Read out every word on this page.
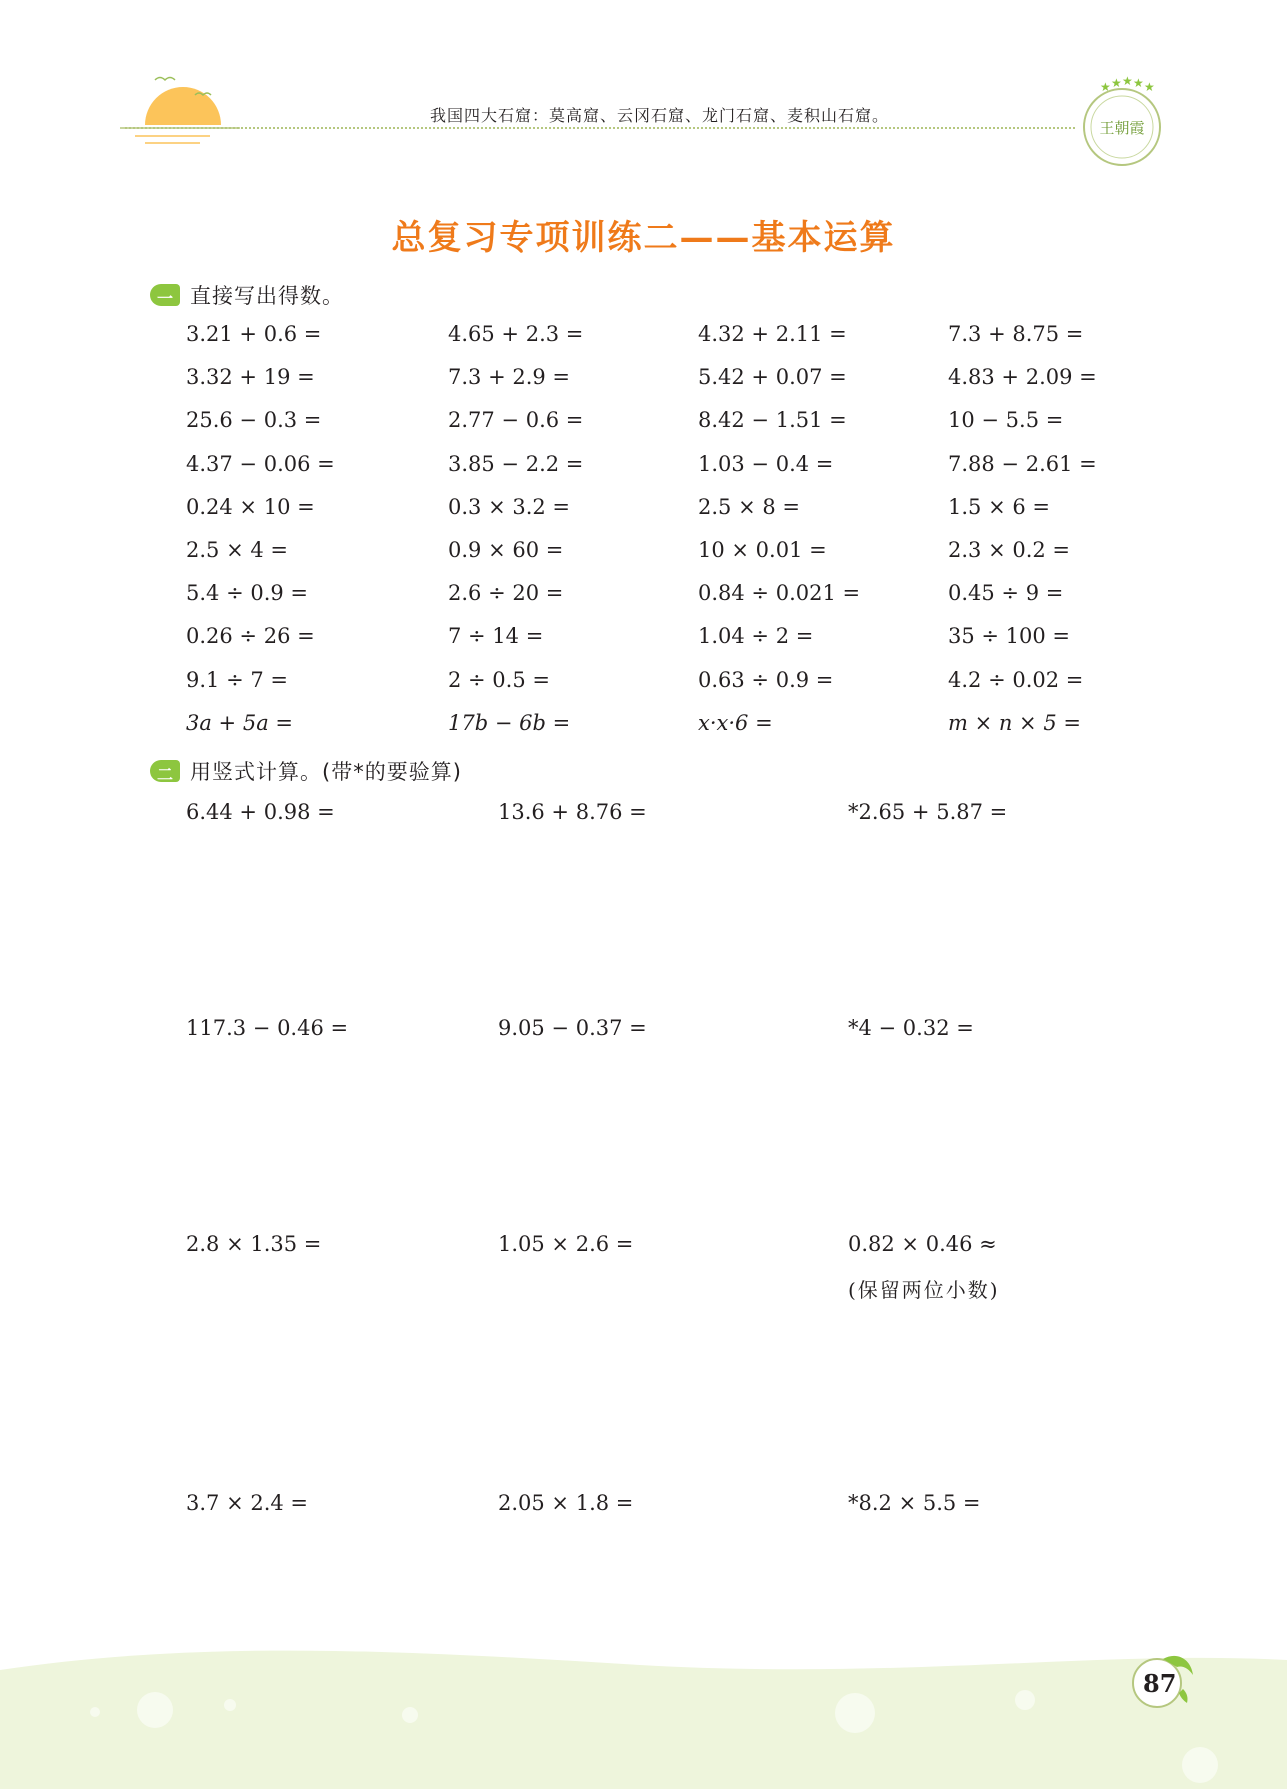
我国四大石窟：莫高窟、云冈石窟、龙门石窟、麦积山石窟。
★ ★ ★ ★ ★
王朝霞
总复习专项训练二——基本运算
一 直接写出得数。
3.21 + 0.6 =	4.65 + 2.3 =	4.32 + 2.11 =	7.3 + 8.75 =
3.32 + 19 =	7.3 + 2.9 =	5.42 + 0.07 =	4.83 + 2.09 =
25.6 − 0.3 =	2.77 − 0.6 =	8.42 − 1.51 =	10 − 5.5 =
4.37 − 0.06 =	3.85 − 2.2 =	1.03 − 0.4 =	7.88 − 2.61 =
0.24 × 10 =	0.3 × 3.2 =	2.5 × 8 =	1.5 × 6 =
2.5 × 4 =	0.9 × 60 =	10 × 0.01 =	2.3 × 0.2 =
5.4 ÷ 0.9 =	2.6 ÷ 20 =	0.84 ÷ 0.021 =	0.45 ÷ 9 =
0.26 ÷ 26 =	7 ÷ 14 =	1.04 ÷ 2 =	35 ÷ 100 =
9.1 ÷ 7 =	2 ÷ 0.5 =	0.63 ÷ 0.9 =	4.2 ÷ 0.02 =
3a + 5a =	17b − 6b =	x·x·6 =	m × n × 5 =
二 用竖式计算。(带*的要验算)
6.44 + 0.98 =	13.6 + 8.76 =	*2.65 + 5.87 =
117.3 − 0.46 =	9.05 − 0.37 =	*4 − 0.32 =
2.8 × 1.35 =	1.05 × 2.6 =	0.82 × 0.46 ≈
(保留两位小数)
3.7 × 2.4 =	2.05 × 1.8 =	*8.2 × 5.5 =
87
